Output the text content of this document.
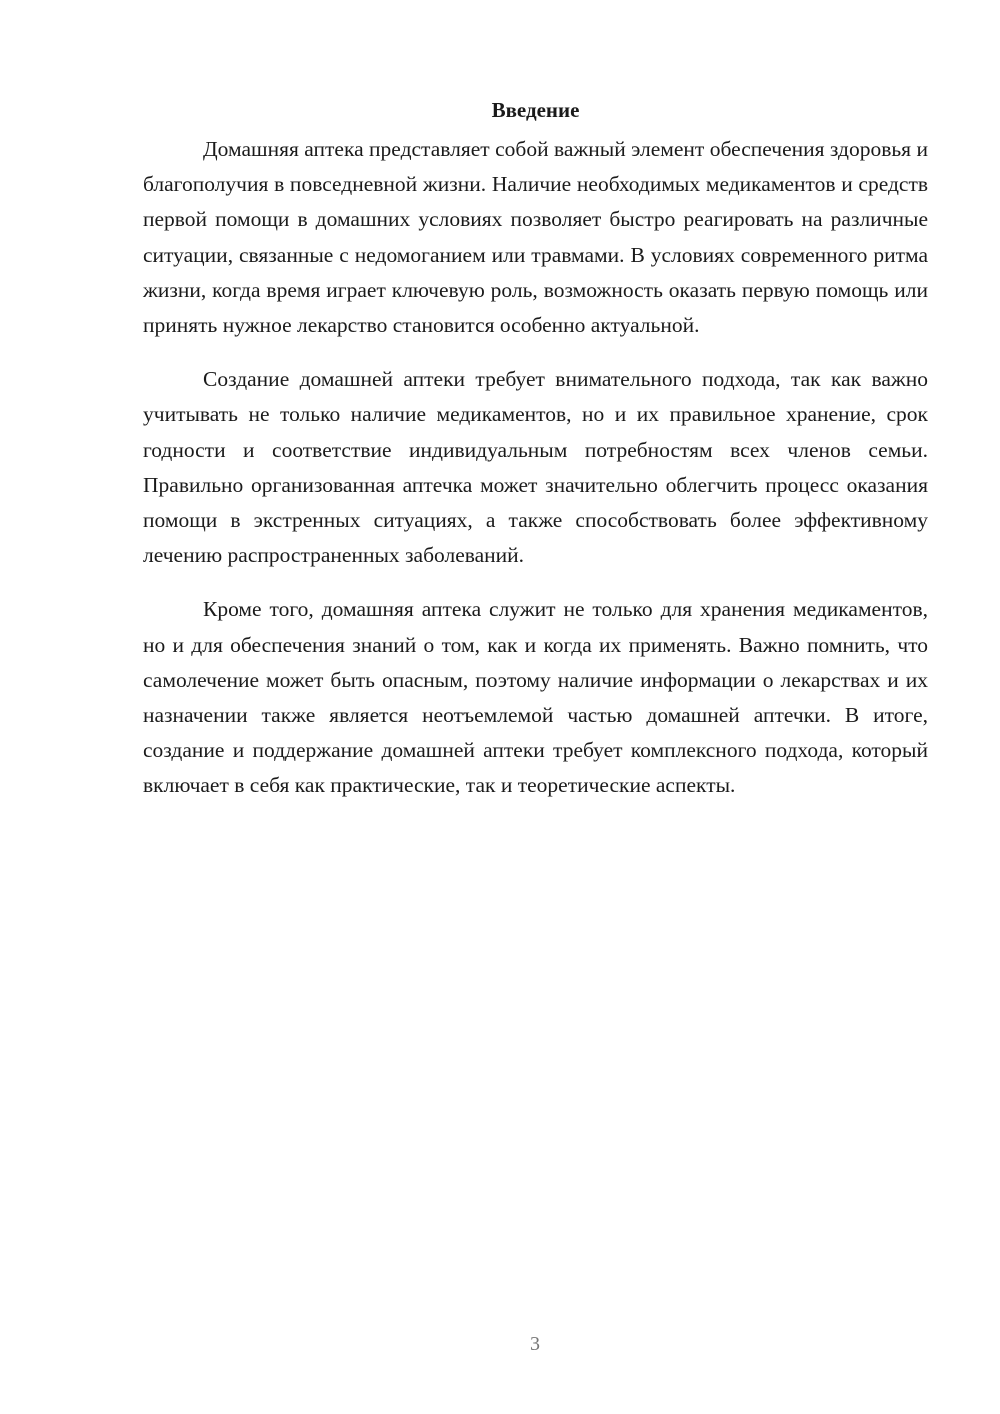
Введение

Домашняя аптека представляет собой важный элемент обеспечения здоровья и благополучия в повседневной жизни. Наличие необходимых медикаментов и средств первой помощи в домашних условиях позволяет быстро реагировать на различные ситуации, связанные с недомоганием или травмами. В условиях современного ритма жизни, когда время играет ключевую роль, возможность оказать первую помощь или принять нужное лекарство становится особенно актуальной.

Создание домашней аптеки требует внимательного подхода, так как важно учитывать не только наличие медикаментов, но и их правильное хранение, срок годности и соответствие индивидуальным потребностям всех членов семьи. Правильно организованная аптечка может значительно облегчить процесс оказания помощи в экстренных ситуациях, а также способствовать более эффективному лечению распространенных заболеваний.

Кроме того, домашняя аптека служит не только для хранения медикаментов, но и для обеспечения знаний о том, как и когда их применять. Важно помнить, что самолечение может быть опасным, поэтому наличие информации о лекарствах и их назначении также является неотъемлемой частью домашней аптечки. В итоге, создание и поддержание домашней аптеки требует комплексного подхода, который включает в себя как практические, так и теоретические аспекты.

3
